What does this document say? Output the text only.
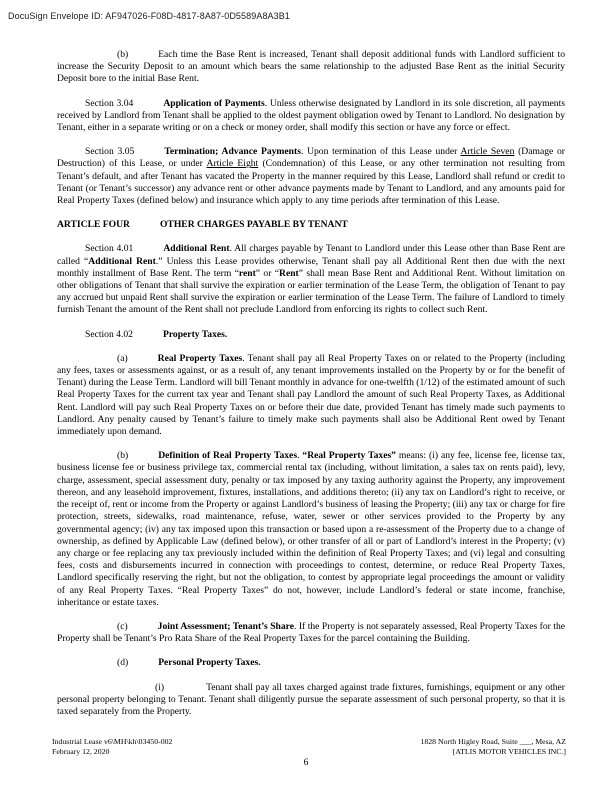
DocuSign Envelope ID: AF947026-F08D-4817-8A87-0D5589A8A3B1

(b)	Each time the Base Rent is increased, Tenant shall deposit additional funds with Landlord sufficient to increase the Security Deposit to an amount which bears the same relationship to the adjusted Base Rent as the initial Security Deposit bore to the initial Base Rent.

Section 3.04	Application of Payments. Unless otherwise designated by Landlord in its sole discretion, all payments received by Landlord from Tenant shall be applied to the oldest payment obligation owed by Tenant to Landlord. No designation by Tenant, either in a separate writing or on a check or money order, shall modify this section or have any force or effect.

Section 3.05	Termination; Advance Payments. Upon termination of this Lease under Article Seven (Damage or Destruction) of this Lease, or under Article Eight (Condemnation) of this Lease, or any other termination not resulting from Tenant’s default, and after Tenant has vacated the Property in the manner required by this Lease, Landlord shall refund or credit to Tenant (or Tenant’s successor) any advance rent or other advance payments made by Tenant to Landlord, and any amounts paid for Real Property Taxes (defined below) and insurance which apply to any time periods after termination of this Lease.

ARTICLE FOUR	OTHER CHARGES PAYABLE BY TENANT

Section 4.01	Additional Rent. All charges payable by Tenant to Landlord under this Lease other than Base Rent are called “Additional Rent.” Unless this Lease provides otherwise, Tenant shall pay all Additional Rent then due with the next monthly installment of Base Rent. The term “rent” or “Rent” shall mean Base Rent and Additional Rent. Without limitation on other obligations of Tenant that shall survive the expiration or earlier termination of the Lease Term, the obligation of Tenant to pay any accrued but unpaid Rent shall survive the expiration or earlier termination of the Lease Term. The failure of Landlord to timely furnish Tenant the amount of the Rent shall not preclude Landlord from enforcing its rights to collect such Rent.

Section 4.02	Property Taxes.

(a)	Real Property Taxes. Tenant shall pay all Real Property Taxes on or related to the Property (including any fees, taxes or assessments against, or as a result of, any tenant improvements installed on the Property by or for the benefit of Tenant) during the Lease Term. Landlord will bill Tenant monthly in advance for one-twelfth (1/12) of the estimated amount of such Real Property Taxes for the current tax year and Tenant shall pay Landlord the amount of such Real Property Taxes, as Additional Rent. Landlord will pay such Real Property Taxes on or before their due date, provided Tenant has timely made such payments to Landlord. Any penalty caused by Tenant’s failure to timely make such payments shall also be Additional Rent owed by Tenant immediately upon demand.

(b)	Definition of Real Property Taxes. “Real Property Taxes” means: (i) any fee, license fee, license tax, business license fee or business privilege tax, commercial rental tax (including, without limitation, a sales tax on rents paid), levy, charge, assessment, special assessment duty, penalty or tax imposed by any taxing authority against the Property, any improvement thereon, and any leasehold improvement, fixtures, installations, and additions thereto; (ii) any tax on Landlord’s right to receive, or the receipt of, rent or income from the Property or against Landlord’s business of leasing the Property; (iii) any tax or charge for fire protection, streets, sidewalks, road maintenance, refuse, water, sewer or other services provided to the Property by any governmental agency; (iv) any tax imposed upon this transaction or based upon a re-assessment of the Property due to a change of ownership, as defined by Applicable Law (defined below), or other transfer of all or part of Landlord’s interest in the Property; (v) any charge or fee replacing any tax previously included within the definition of Real Property Taxes; and (vi) legal and consulting fees, costs and disbursements incurred in connection with proceedings to contest, determine, or reduce Real Property Taxes, Landlord specifically reserving the right, but not the obligation, to contest by appropriate legal proceedings the amount or validity of any Real Property Taxes. “Real Property Taxes” do not, however, include Landlord’s federal or state income, franchise, inheritance or estate taxes.

(c)	Joint Assessment; Tenant’s Share. If the Property is not separately assessed, Real Property Taxes for the Property shall be Tenant’s Pro Rata Share of the Real Property Taxes for the parcel containing the Building.

(d)	Personal Property Taxes.

(i)	Tenant shall pay all taxes charged against trade fixtures, furnishings, equipment or any other personal property belonging to Tenant. Tenant shall diligently pursue the separate assessment of such personal property, so that it is taxed separately from the Property.

Industrial Lease v6\MH\kh\03450-002
February 12, 2020
1828 North Higley Road, Suite ___, Mesa, AZ
[ATLIS MOTOR VEHICLES INC.]
6
